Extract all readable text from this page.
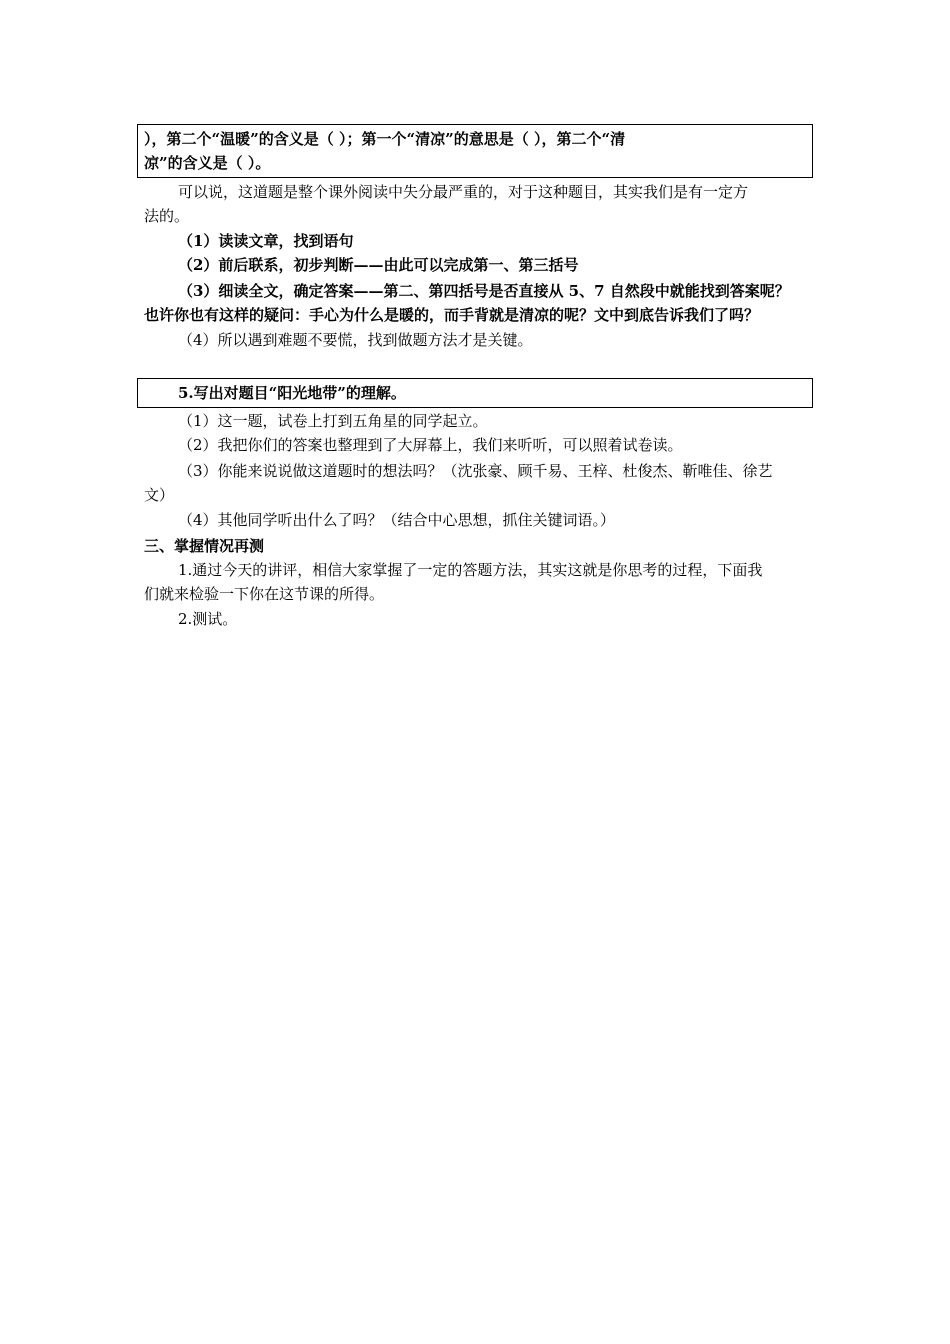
），第二个“温暖”的含义是（ ）；第一个“清凉”的意思是（ ），第二个“清
凉”的含义是（ ）。
可以说，这道题是整个课外阅读中失分最严重的，对于这种题目，其实我们是有一定方
法的。
（1）读读文章，找到语句
（2）前后联系，初步判断——由此可以完成第一、第三括号
（3）细读全文，确定答案——第二、第四括号是否直接从 5、7 自然段中就能找到答案呢？
也许你也有这样的疑问：手心为什么是暖的，而手背就是清凉的呢？文中到底告诉我们了吗？
（4）所以遇到难题不要慌，找到做题方法才是关键。
5.写出对题目“阳光地带”的理解。
（1）这一题，试卷上打到五角星的同学起立。
（2）我把你们的答案也整理到了大屏幕上，我们来听听，可以照着试卷读。
（3）你能来说说做这道题时的想法吗？（沈张豪、顾千易、王梓、杜俊杰、靳唯佳、徐艺
文）
（4）其他同学听出什么了吗？（结合中心思想，抓住关键词语。）
三、掌握情况再测
1.通过今天的讲评，相信大家掌握了一定的答题方法，其实这就是你思考的过程，下面我
们就来检验一下你在这节课的所得。
2.测试。
